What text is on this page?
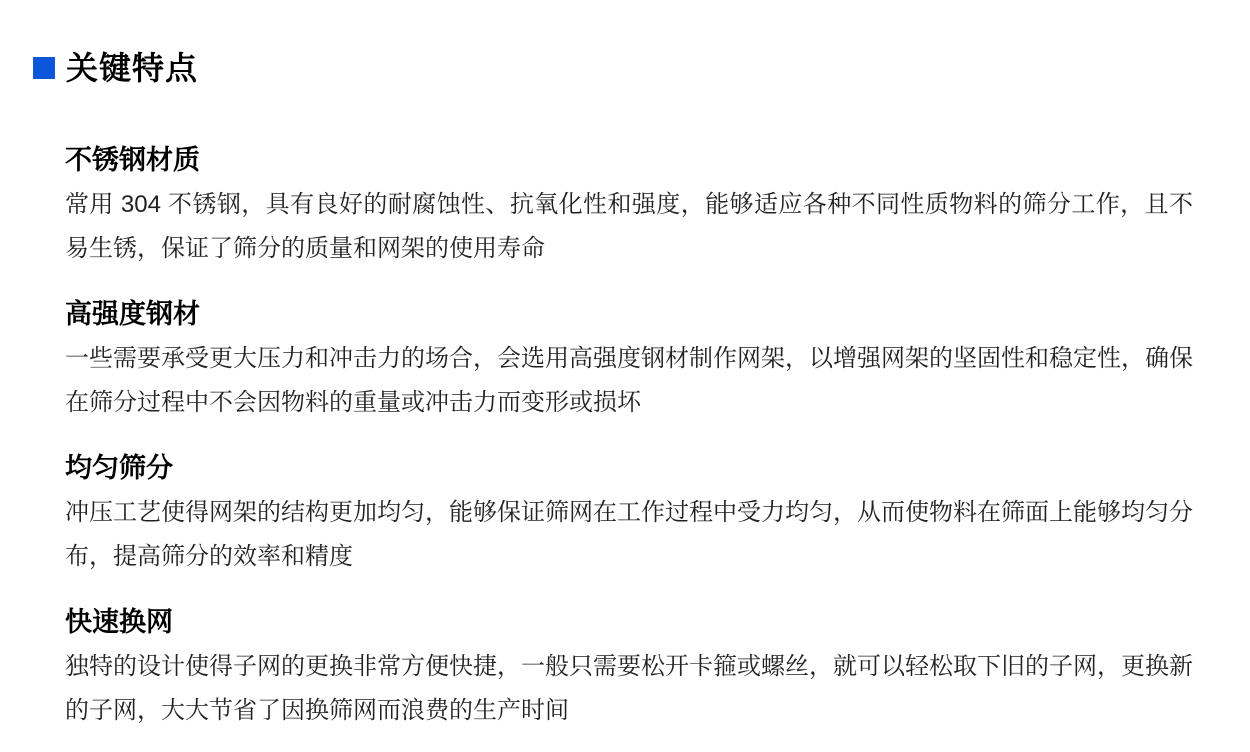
关键特点
不锈钢材质

常用 304 不锈钢，具有良好的耐腐蚀性、抗氧化性和强度，能够适应各种不同性质物料的筛分工作，且不易生锈，保证了筛分的质量和网架的使用寿命

高强度钢材

一些需要承受更大压力和冲击力的场合，会选用高强度钢材制作网架，以增强网架的坚固性和稳定性，确保在筛分过程中不会因物料的重量或冲击力而变形或损坏

均匀筛分

冲压工艺使得网架的结构更加均匀，能够保证筛网在工作过程中受力均匀，从而使物料在筛面上能够均匀分布，提高筛分的效率和精度

快速换网

独特的设计使得子网的更换非常方便快捷，一般只需要松开卡箍或螺丝，就可以轻松取下旧的子网，更换新的子网，大大节省了因换筛网而浪费的生产时间
